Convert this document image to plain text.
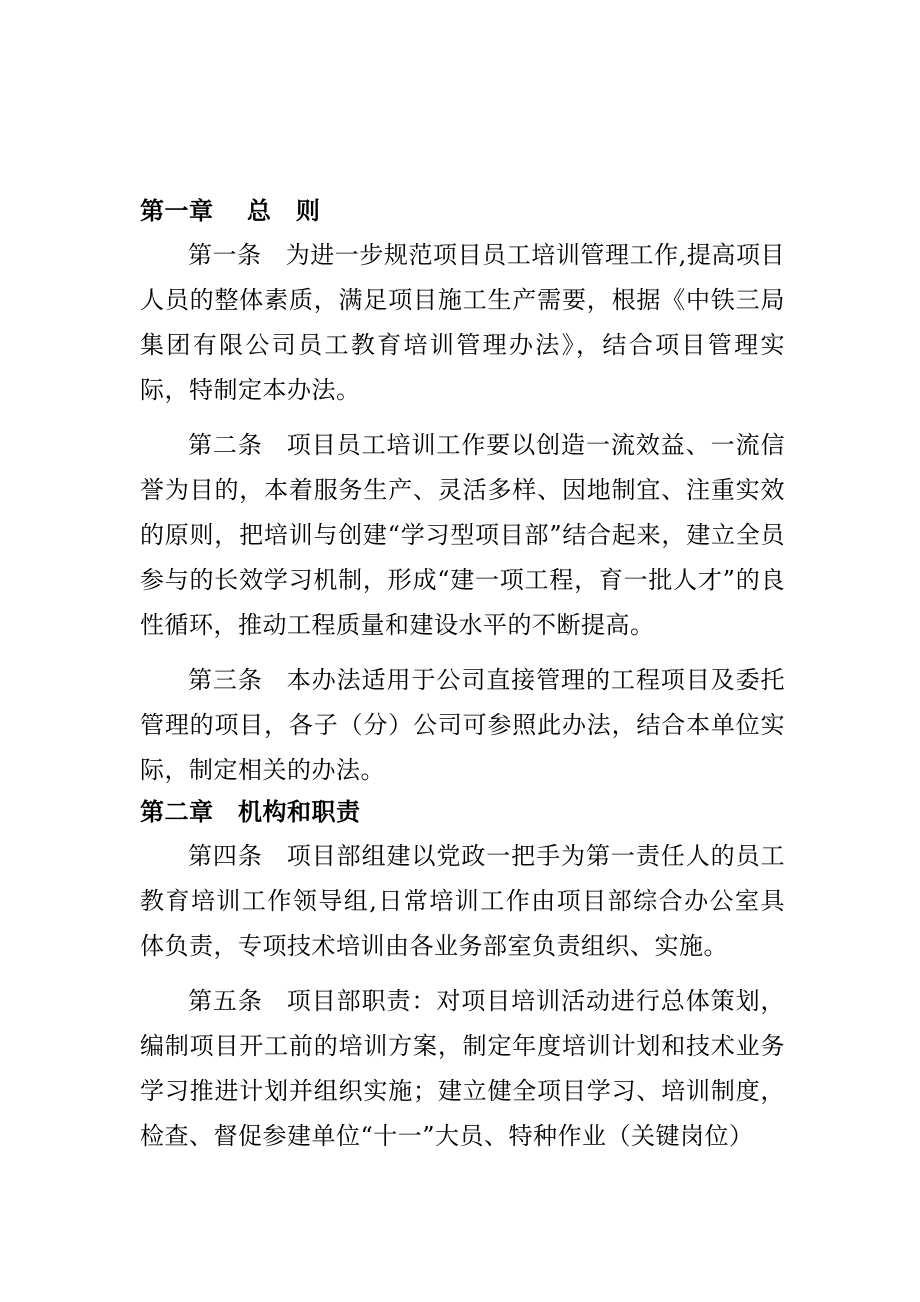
第一章　 总　则

第一条 为进一步规范项目员工培训管理工作,提高项目人员的整体素质，满足项目施工生产需要，根据《中铁三局集团有限公司员工教育培训管理办法》，结合项目管理实际，特制定本办法。

第二条 项目员工培训工作要以创造一流效益、一流信誉为目的，本着服务生产、灵活多样、因地制宜、注重实效的原则，把培训与创建“学习型项目部”结合起来，建立全员参与的长效学习机制，形成“建一项工程，育一批人才”的良性循环，推动工程质量和建设水平的不断提高。

第三条 本办法适用于公司直接管理的工程项目及委托管理的项目，各子（分）公司可参照此办法，结合本单位实际，制定相关的办法。

第二章　机构和职责

第四条 项目部组建以党政一把手为第一责任人的员工教育培训工作领导组,日常培训工作由项目部综合办公室具体负责，专项技术培训由各业务部室负责组织、实施。

第五条 项目部职责：对项目培训活动进行总体策划，编制项目开工前的培训方案，制定年度培训计划和技术业务学习推进计划并组织实施；建立健全项目学习、培训制度，检查、督促参建单位“十一”大员、特种作业（关键岗位）
